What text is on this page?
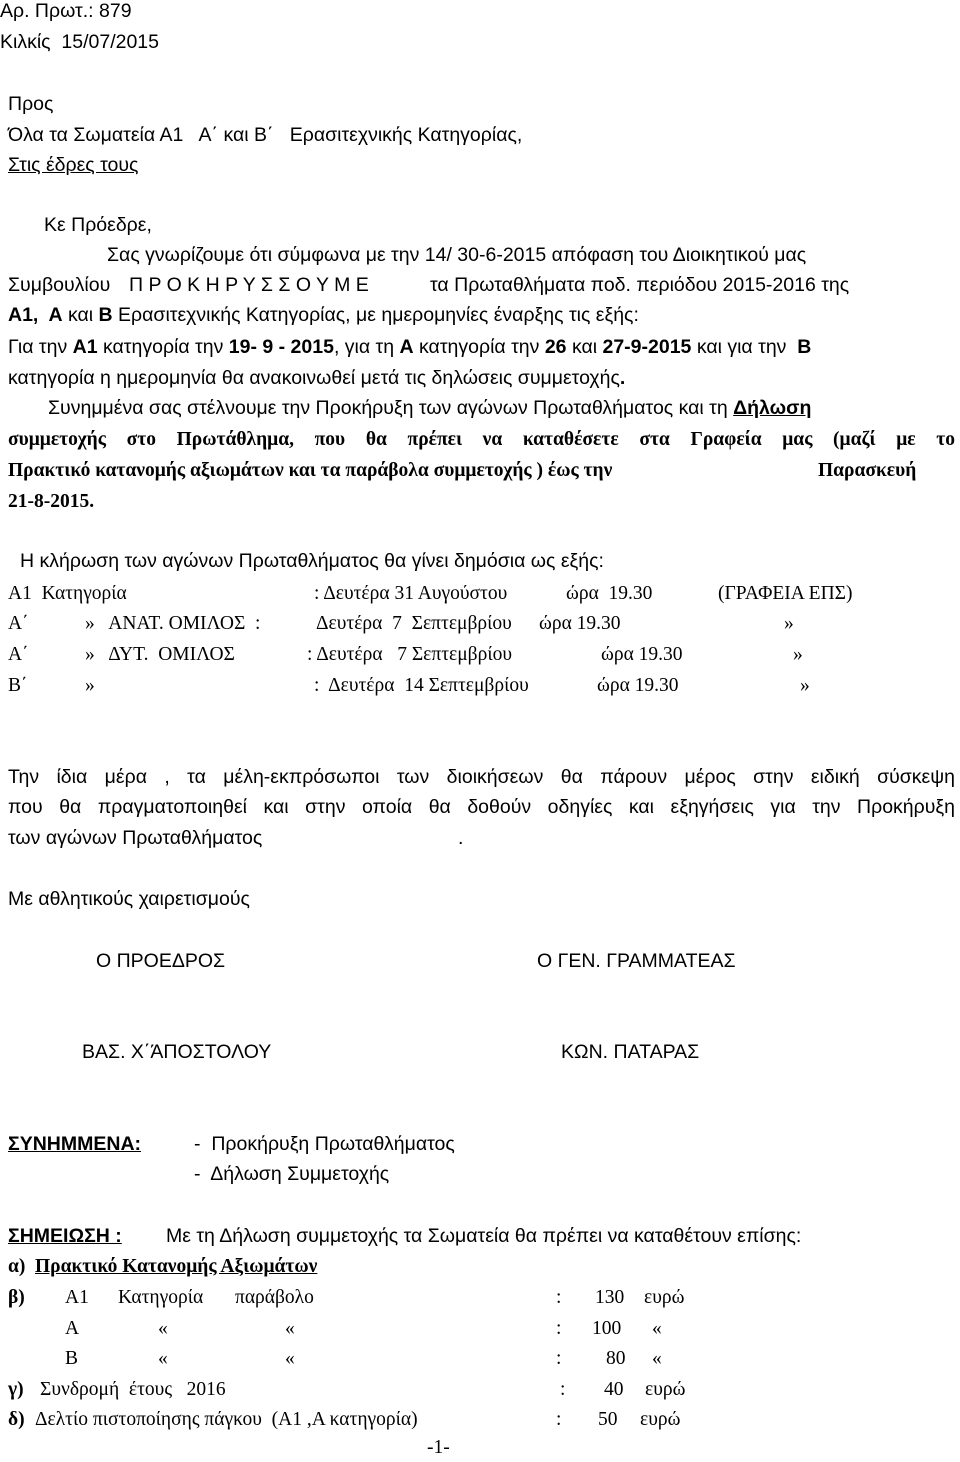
Αρ. Πρωτ.: 879
Κιλκίς  15/07/2015
Προς
Όλα τα Σωματεία Α1   Α΄ και Β΄   Ερασιτεχνικής Κατηγορίας,
Στις έδρες τους
Κε Πρόεδρε,
Σας γνωρίζουμε ότι σύμφωνα με την 14/ 30-6-2015 απόφαση του Διοικητικού μας
Συμβουλίου Π Ρ Ο Κ Η Ρ Υ Σ Σ Ο Υ Μ Ε	τα Πρωταθλήματα ποδ. περιόδου 2015-2016 της
Α1,  Α και Β Ερασιτεχνικής Κατηγορίας, με ημερομηνίες έναρξης τις εξής:
Για την Α1 κατηγορία την 19- 9 - 2015, για τη Α κατηγορία την 26 και 27-9-2015 και για την Β
κατηγορία η ημερομηνία θα ανακοινωθεί μετά τις δηλώσεις συμμετοχής.
Συνημμένα σας στέλνουμε την Προκήρυξη των αγώνων Πρωταθλήματος και τη Δήλωση
συμμετοχής στο Πρωτάθλημα, που θα πρέπει να καταθέσετε στα Γραφεία μας (μαζί με το
Πρακτικό κατανομής αξιωμάτων και τα παράβολα συμμετοχής ) έως την	Παρασκευή
21-8-2015.
Η κλήρωση των αγώνων Πρωταθλήματος θα γίνει δημόσια ως εξής:
Α1  Κατηγορία	: Δευτέρα 31 Αυγούστου	ώρα  19.30	(ΓΡΑΦΕΙΑ ΕΠΣ)
Α΄	»   ΑΝΑΤ. ΟΜΙΛΟΣ  :	Δευτέρα  7  Σεπτεμβρίου ώρα 19.30	»
Α΄	»   ΔΥΤ.  ΟΜΙΛΟΣ	: Δευτέρα   7 Σεπτεμβρίου	ώρα 19.30	»
Β΄	»	:  Δευτέρα  14 Σεπτεμβρίου	ώρα 19.30	»
Την ίδια μέρα , τα μέλη-εκπρόσωποι των διοικήσεων θα πάρουν μέρος στην ειδική σύσκεψη
που θα πραγματοποιηθεί και στην οποία θα δοθούν οδηγίες και εξηγήσεις για την Προκήρυξη
των αγώνων Πρωταθλήματος	.
Με αθλητικούς χαιρετισμούς
Ο ΠΡΟΕΔΡΟΣ	Ο ΓΕΝ. ΓΡΑΜΜΑΤΕΑΣ
ΒΑΣ. Χ΄ΆΠΟΣΤΟΛΟΥ	ΚΩΝ. ΠΑΤΑΡΑΣ
ΣΥΝΗΜΜΕΝΑ:	-  Προκήρυξη Πρωταθλήματος
-  Δήλωση Συμμετοχής
ΣΗΜΕΙΩΣΗ : Με τη Δήλωση συμμετοχής τα Σωματεία θα πρέπει να καταθέτουν επίσης:
α) Πρακτικό Κατανομής Αξιωμάτων
β) Α1 Κατηγορία παράβολο	: 130 ευρώ
Α	«	«	: 100 «
Β	«	«	: 80 «
γ) Συνδρομή  έτους   2016	: 40 ευρώ
δ) Δελτίο πιστοποίησης πάγκου  (Α1 ,Α κατηγορία)	: 50 ευρώ
-1-
